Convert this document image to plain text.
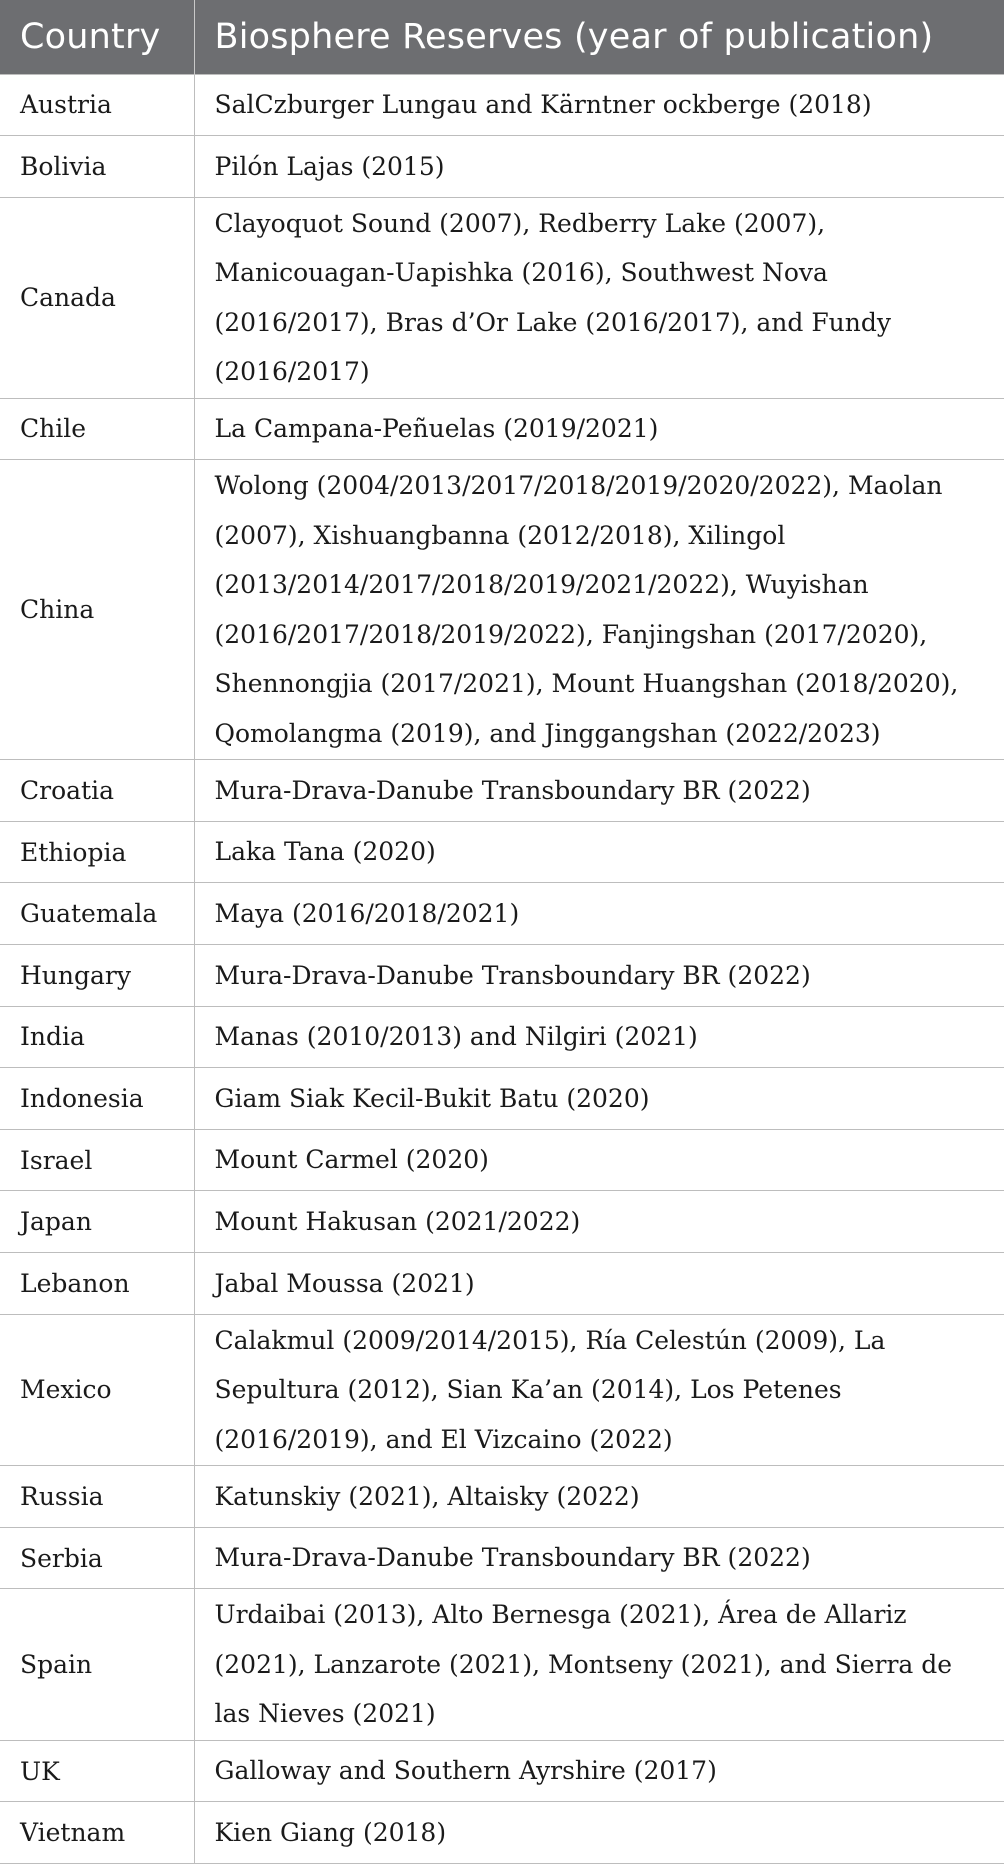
Country	Biosphere Reserves (year of publication)
Austria	SalCzburger Lungau and Kärntner ockberge (2018)
Bolivia	Pilón Lajas (2015)
Canada	Clayoquot Sound (2007), Redberry Lake (2007), Manicouagan-Uapishka (2016), Southwest Nova (2016/2017), Bras d’Or Lake (2016/2017), and Fundy (2016/2017)
Chile	La Campana-Peñuelas (2019/2021)
China	Wolong (2004/2013/2017/2018/2019/2020/2022), Maolan (2007), Xishuangbanna (2012/2018), Xilingol (2013/2014/2017/2018/2019/2021/2022), Wuyishan (2016/2017/2018/2019/2022), Fanjingshan (2017/2020), Shennongjia (2017/2021), Mount Huangshan (2018/2020), Qomolangma (2019), and Jinggangshan (2022/2023)
Croatia	Mura-Drava-Danube Transboundary BR (2022)
Ethiopia	Laka Tana (2020)
Guatemala	Maya (2016/2018/2021)
Hungary	Mura-Drava-Danube Transboundary BR (2022)
India	Manas (2010/2013) and Nilgiri (2021)
Indonesia	Giam Siak Kecil-Bukit Batu (2020)
Israel	Mount Carmel (2020)
Japan	Mount Hakusan (2021/2022)
Lebanon	Jabal Moussa (2021)
Mexico	Calakmul (2009/2014/2015), Ría Celestún (2009), La Sepultura (2012), Sian Ka’an (2014), Los Petenes (2016/2019), and El Vizcaino (2022)
Russia	Katunskiy (2021), Altaisky (2022)
Serbia	Mura-Drava-Danube Transboundary BR (2022)
Spain	Urdaibai (2013), Alto Bernesga (2021), Área de Allariz (2021), Lanzarote (2021), Montseny (2021), and Sierra de las Nieves (2021)
UK	Galloway and Southern Ayrshire (2017)
Vietnam	Kien Giang (2018)
